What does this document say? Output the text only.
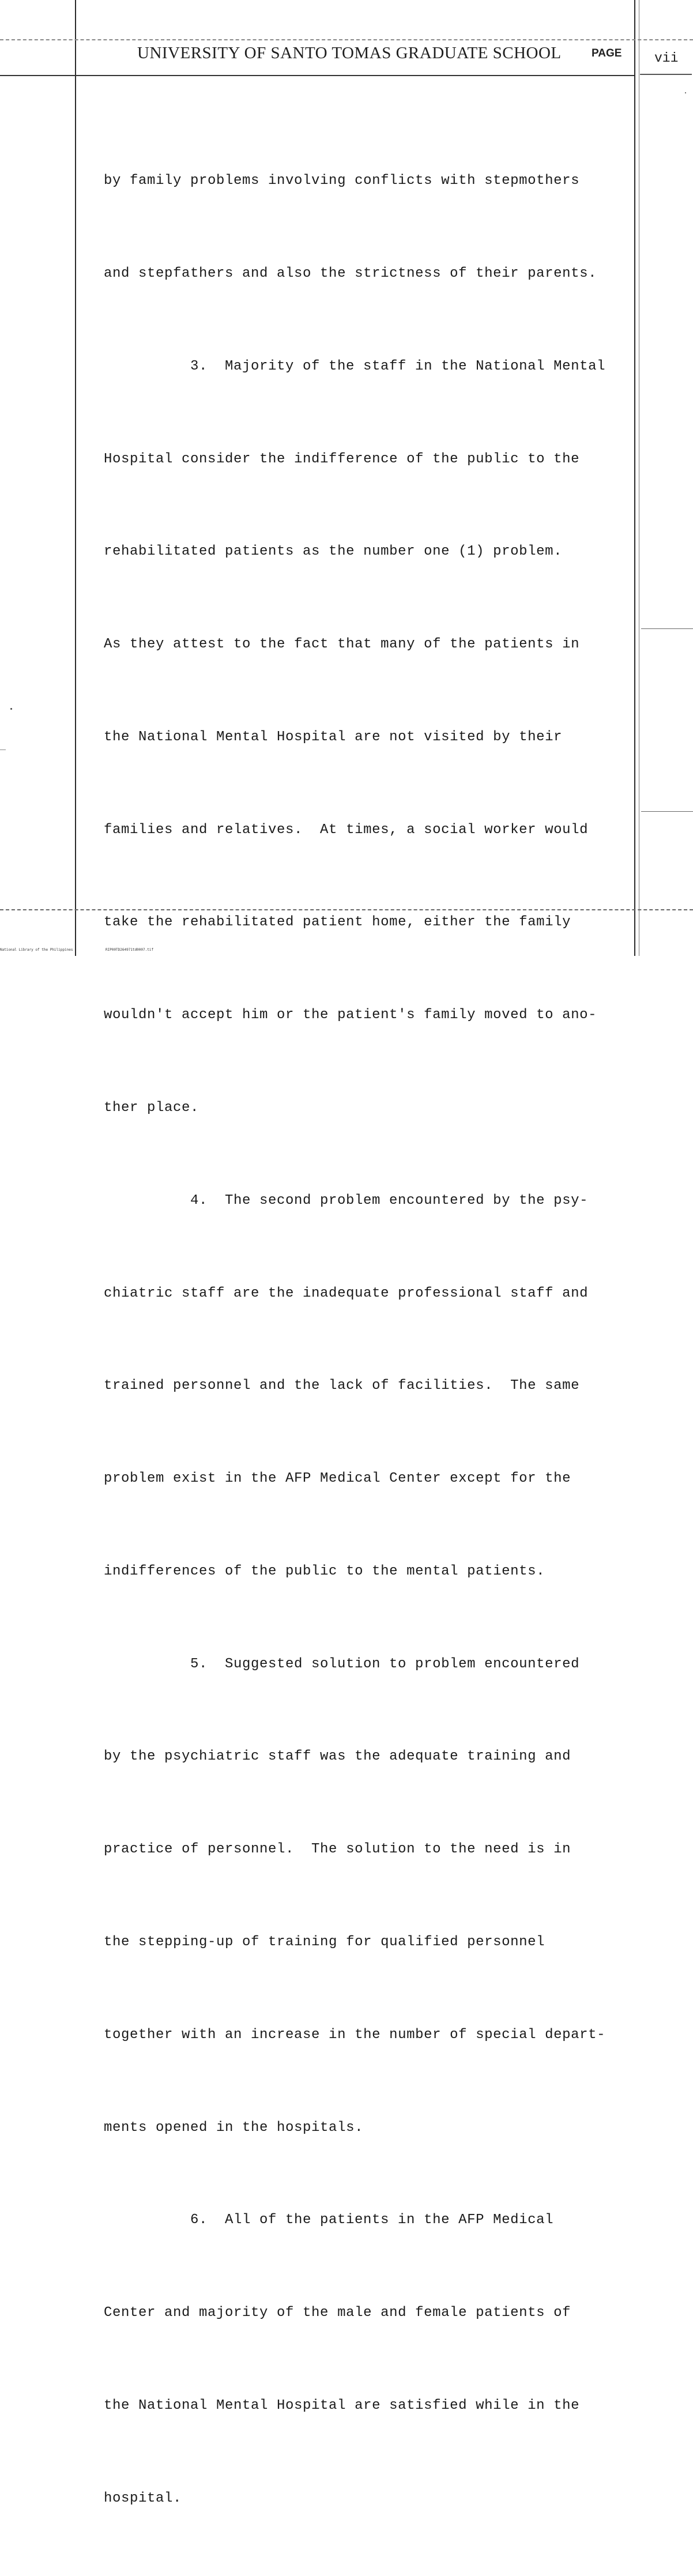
UNIVERSITY OF SANTO TOMAS GRADUATE SCHOOL	PAGE vii

by family problems involving conflicts with stepmothers

and stepfathers and also the strictness of their parents.

3.  Majority of the staff in the National Mental

Hospital consider the indifference of the public to the

rehabilitated patients as the number one (1) problem.

As they attest to the fact that many of the patients in

the National Mental Hospital are not visited by their

families and relatives.  At times, a social worker would

take the rehabilitated patient home, either the family

wouldn't accept him or the patient's family moved to ano-

ther place.

4.  The second problem encountered by the psy-

chiatric staff are the inadequate professional staff and

trained personnel and the lack of facilities.  The same

problem exist in the AFP Medical Center except for the

indifferences of the public to the mental patients.

5.  Suggested solution to problem encountered

by the psychiatric staff was the adequate training and

practice of personnel.  The solution to the need is in

the stepping-up of training for qualified personnel

together with an increase in the number of special depart-

ments opened in the hospitals.

6.  All of the patients in the AFP Medical

Center and majority of the male and female patients of

the National Mental Hospital are satisfied while in the

hospital.

National Library of the Philippines	RIP00TD264971td0007.tif
